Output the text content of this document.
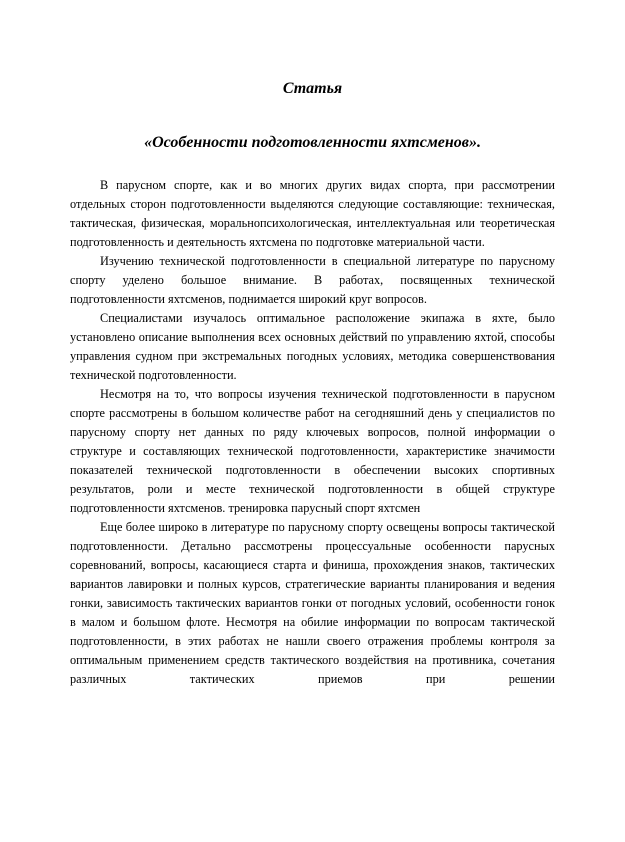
Статья
«Особенности подготовленности яхтсменов».

В парусном спорте, как и во многих других видах спорта, при рассмотрении отдельных сторон подготовленности выделяются следующие составляющие: техническая, тактическая, физическая, моральнопсихологическая, интеллектуальная или теоретическая подготовленность и деятельность яхтсмена по подготовке материальной части.

Изучению технической подготовленности в специальной литературе по парусному спорту уделено большое внимание. В работах, посвященных технической подготовленности яхтсменов, поднимается широкий круг вопросов.

Специалистами изучалось оптимальное расположение экипажа в яхте, было установлено описание выполнения всех основных действий по управлению яхтой, способы управления судном при экстремальных погодных условиях, методика совершенствования технической подготовленности.

Несмотря на то, что вопросы изучения технической подготовленности в парусном спорте рассмотрены в большом количестве работ на сегодняшний день у специалистов по парусному спорту нет данных по ряду ключевых вопросов, полной информации о структуре и составляющих технической подготовленности, характеристике значимости показателей технической подготовленности в обеспечении высоких спортивных результатов, роли и месте технической подготовленности в общей структуре подготовленности яхтсменов. тренировка парусный спорт яхтсмен

Еще более широко в литературе по парусному спорту освещены вопросы тактической подготовленности. Детально рассмотрены процессуальные особенности парусных соревнований, вопросы, касающиеся старта и финиша, прохождения знаков, тактических вариантов лавировки и полных курсов, стратегические варианты планирования и ведения гонки, зависимость тактических вариантов гонки от погодных условий, особенности гонок в малом и большом флоте. Несмотря на обилие информации по вопросам тактической подготовленности, в этих работах не нашли своего отражения проблемы контроля за оптимальным применением средств тактического воздействия на противника, сочетания различных тактических приемов при решении
